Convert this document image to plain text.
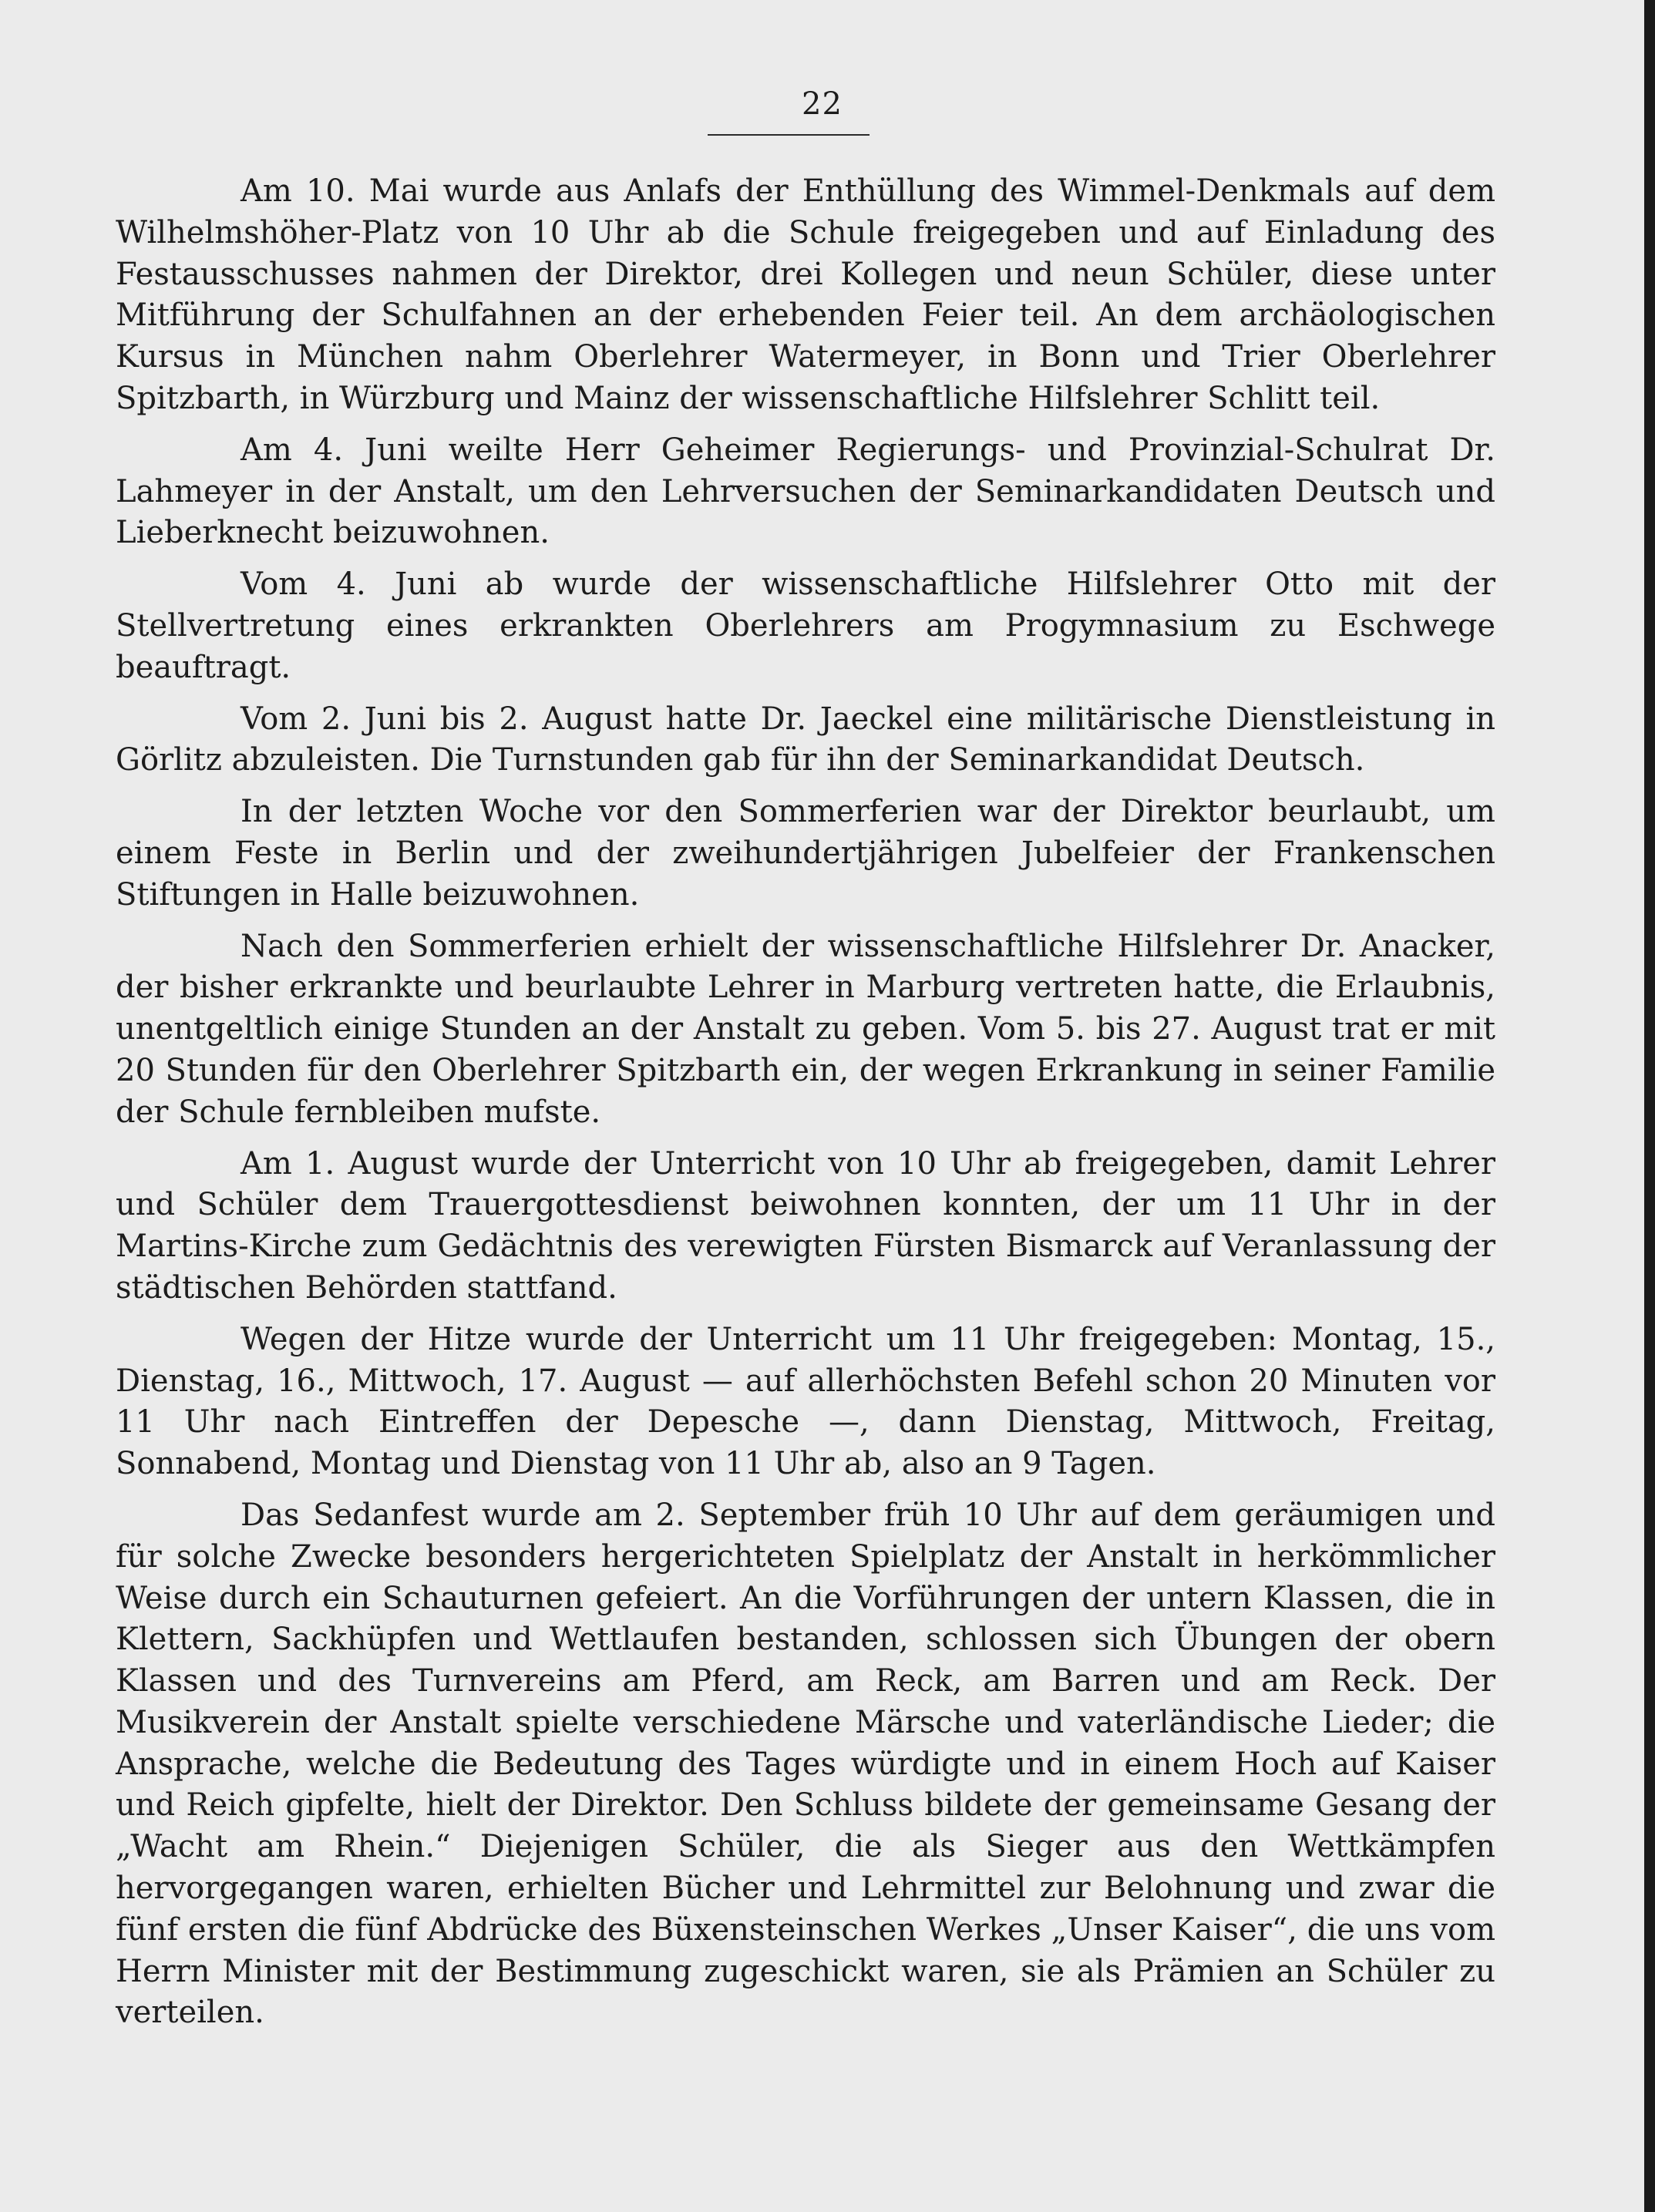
22

Am 10. Mai wurde aus Anlafs der Enthüllung des Wimmel-Denkmals auf dem Wilhelmshöher-Platz von 10 Uhr ab die Schule freigegeben und auf Einladung des Festausschusses nahmen der Direktor, drei Kollegen und neun Schüler, diese unter Mitführung der Schulfahnen an der erhebenden Feier teil. An dem archäologischen Kursus in München nahm Oberlehrer Watermeyer, in Bonn und Trier Oberlehrer Spitzbarth, in Würzburg und Mainz der wissenschaftliche Hilfslehrer Schlitt teil.

Am 4. Juni weilte Herr Geheimer Regierungs- und Provinzial-Schulrat Dr. Lahmeyer in der Anstalt, um den Lehrversuchen der Seminarkandidaten Deutsch und Lieberknecht beizuwohnen.

Vom 4. Juni ab wurde der wissenschaftliche Hilfslehrer Otto mit der Stellvertretung eines erkrankten Oberlehrers am Progymnasium zu Eschwege beauftragt.

Vom 2. Juni bis 2. August hatte Dr. Jaeckel eine militärische Dienstleistung in Görlitz abzuleisten. Die Turnstunden gab für ihn der Seminarkandidat Deutsch.

In der letzten Woche vor den Sommerferien war der Direktor beurlaubt, um einem Feste in Berlin und der zweihundertjährigen Jubelfeier der Frankenschen Stiftungen in Halle beizuwohnen.

Nach den Sommerferien erhielt der wissenschaftliche Hilfslehrer Dr. Anacker, der bisher erkrankte und beurlaubte Lehrer in Marburg vertreten hatte, die Erlaubnis, unentgeltlich einige Stunden an der Anstalt zu geben. Vom 5. bis 27. August trat er mit 20 Stunden für den Oberlehrer Spitzbarth ein, der wegen Erkrankung in seiner Familie der Schule fernbleiben mufste.

Am 1. August wurde der Unterricht von 10 Uhr ab freigegeben, damit Lehrer und Schüler dem Trauergottesdienst beiwohnen konnten, der um 11 Uhr in der Martins-Kirche zum Gedächtnis des verewigten Fürsten Bismarck auf Veranlassung der städtischen Behörden stattfand.

Wegen der Hitze wurde der Unterricht um 11 Uhr freigegeben: Montag, 15., Dienstag, 16., Mittwoch, 17. August — auf allerhöchsten Befehl schon 20 Minuten vor 11 Uhr nach Eintreffen der Depesche —, dann Dienstag, Mittwoch, Freitag, Sonnabend, Montag und Dienstag von 11 Uhr ab, also an 9 Tagen.

Das Sedanfest wurde am 2. September früh 10 Uhr auf dem geräumigen und für solche Zwecke besonders hergerichteten Spielplatz der Anstalt in herkömmlicher Weise durch ein Schauturnen gefeiert. An die Vorführungen der untern Klassen, die in Klettern, Sackhüpfen und Wettlaufen bestanden, schlossen sich Übungen der obern Klassen und des Turnvereins am Pferd, am Reck, am Barren und am Reck. Der Musikverein der Anstalt spielte verschiedene Märsche und vaterländische Lieder; die Ansprache, welche die Bedeutung des Tages würdigte und in einem Hoch auf Kaiser und Reich gipfelte, hielt der Direktor. Den Schluss bildete der gemeinsame Gesang der „Wacht am Rhein.“ Diejenigen Schüler, die als Sieger aus den Wettkämpfen hervorgegangen waren, erhielten Bücher und Lehrmittel zur Belohnung und zwar die fünf ersten die fünf Abdrücke des Büxensteinschen Werkes „Unser Kaiser“, die uns vom Herrn Minister mit der Bestimmung zugeschickt waren, sie als Prämien an Schüler zu verteilen.
